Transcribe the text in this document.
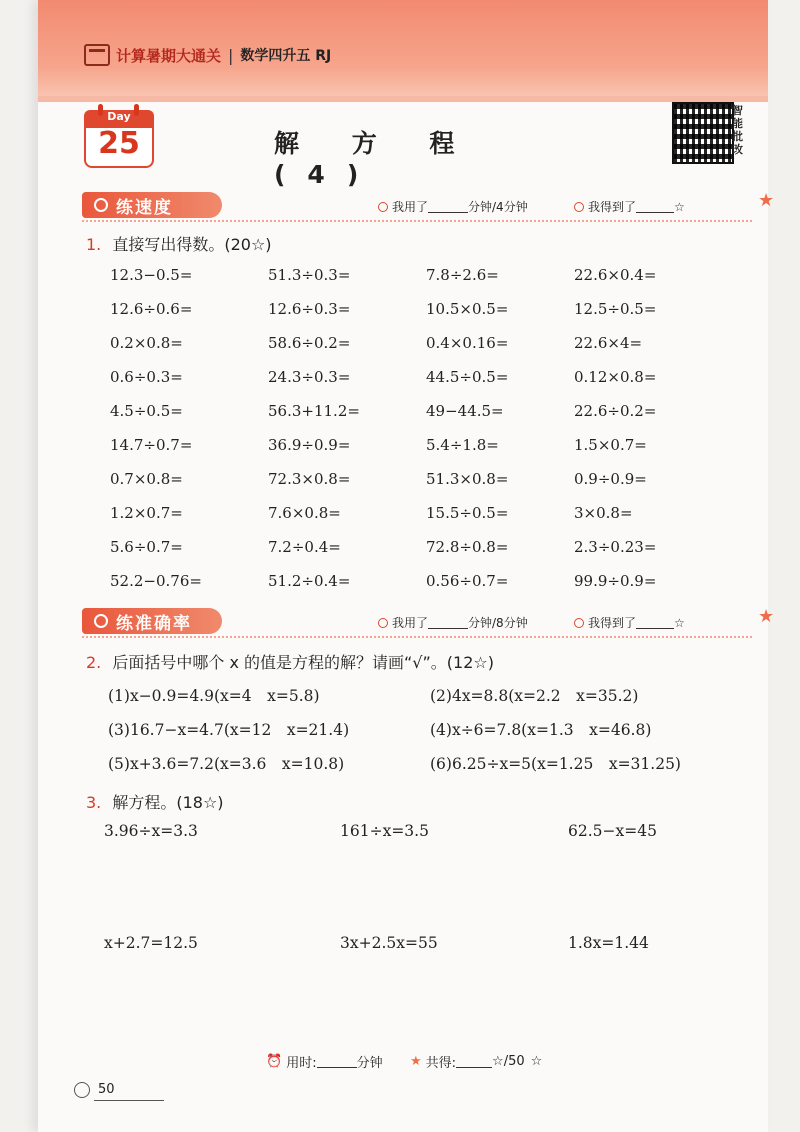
计算暑期大通关 | 数学四升五 RJ
Day
25	解 方 程(4)
智能批改
练速度	我用了	分钟/4分钟	我得到了	☆	★
1. 直接写出得数。(20☆)
12.3−0.5=	51.3÷0.3=	7.8÷2.6=	22.6×0.4=
12.6÷0.6=	12.6÷0.3=	10.5×0.5=	12.5÷0.5=
0.2×0.8=	58.6÷0.2=	0.4×0.16=	22.6×4=
0.6÷0.3=	24.3÷0.3=	44.5÷0.5=	0.12×0.8=
4.5÷0.5=	56.3+11.2=	49−44.5=	22.6÷0.2=
14.7÷0.7=	36.9÷0.9=	5.4÷1.8=	1.5×0.7=
0.7×0.8=	72.3×0.8=	51.3×0.8=	0.9÷0.9=
1.2×0.7=	7.6×0.8=	15.5÷0.5=	3×0.8=
5.6÷0.7=	7.2÷0.4=	72.8÷0.8=	2.3÷0.23=
52.2−0.76=	51.2÷0.4=	0.56÷0.7=	99.9÷0.9=
练准确率	我用了	分钟/8分钟	我得到了	☆	★
2. 后面括号中哪个 x 的值是方程的解？请画“√”。(12☆)
(1)x−0.9=4.9(x=4　x=5.8)	(2)4x=8.8(x=2.2　x=35.2)
(3)16.7−x=4.7(x=12　x=21.4)	(4)x÷6=7.8(x=1.3　x=46.8)
(5)x+3.6=7.2(x=3.6　x=10.8)	(6)6.25÷x=5(x=1.25　x=31.25)
3. 解方程。(18☆)
3.96÷x=3.3	161÷x=3.5	62.5−x=45
x+2.7=12.5	3x+2.5x=55	1.8x=1.44
⏰ 用时:	分钟 ★ 共得:	☆/50 ☆
50
